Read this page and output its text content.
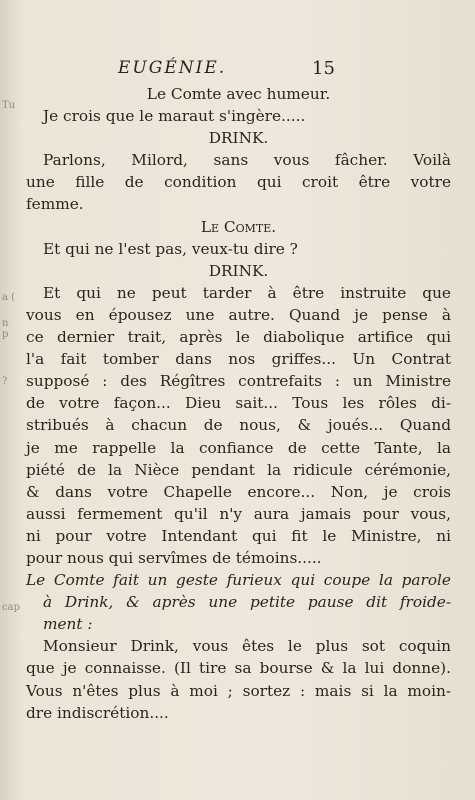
Tu
a (
n p
?
cap
EUGÉNIE.	15
Le Comte avec humeur.
Je crois que le maraut s'ingère.....
DRINK.
Parlons, Milord, sans vous fâcher. Voilà
une fille de condition qui croit être votre
femme.
Le Comte.
Et qui ne l'est pas, veux-tu dire ?
DRINK.
Et qui ne peut tarder à être instruite que
vous en épousez une autre. Quand je pense à
ce dernier trait, après le diabolique artifice qui
l'a fait tomber dans nos griffes... Un Contrat
supposé : des Régîtres contrefaits : un Ministre
de votre façon... Dieu sait... Tous les rôles di-
stribués à chacun de nous, & joués... Quand
je me rappelle la confiance de cette Tante, la
piété de la Nièce pendant la ridicule cérémonie,
& dans votre Chapelle encore... Non, je crois
aussi fermement qu'il n'y aura jamais pour vous,
ni pour votre Intendant qui fit le Ministre, ni
pour nous qui servîmes de témoins.....
Le Comte fait un geste furieux qui coupe la parole
à Drink, & après une petite pause dit froide-
ment :
Monsieur Drink, vous êtes le plus sot coquin
que je connaisse. (Il tire sa bourse & la lui donne).
Vous n'êtes plus à moi ; sortez : mais si la moin-
dre indiscrétion....
